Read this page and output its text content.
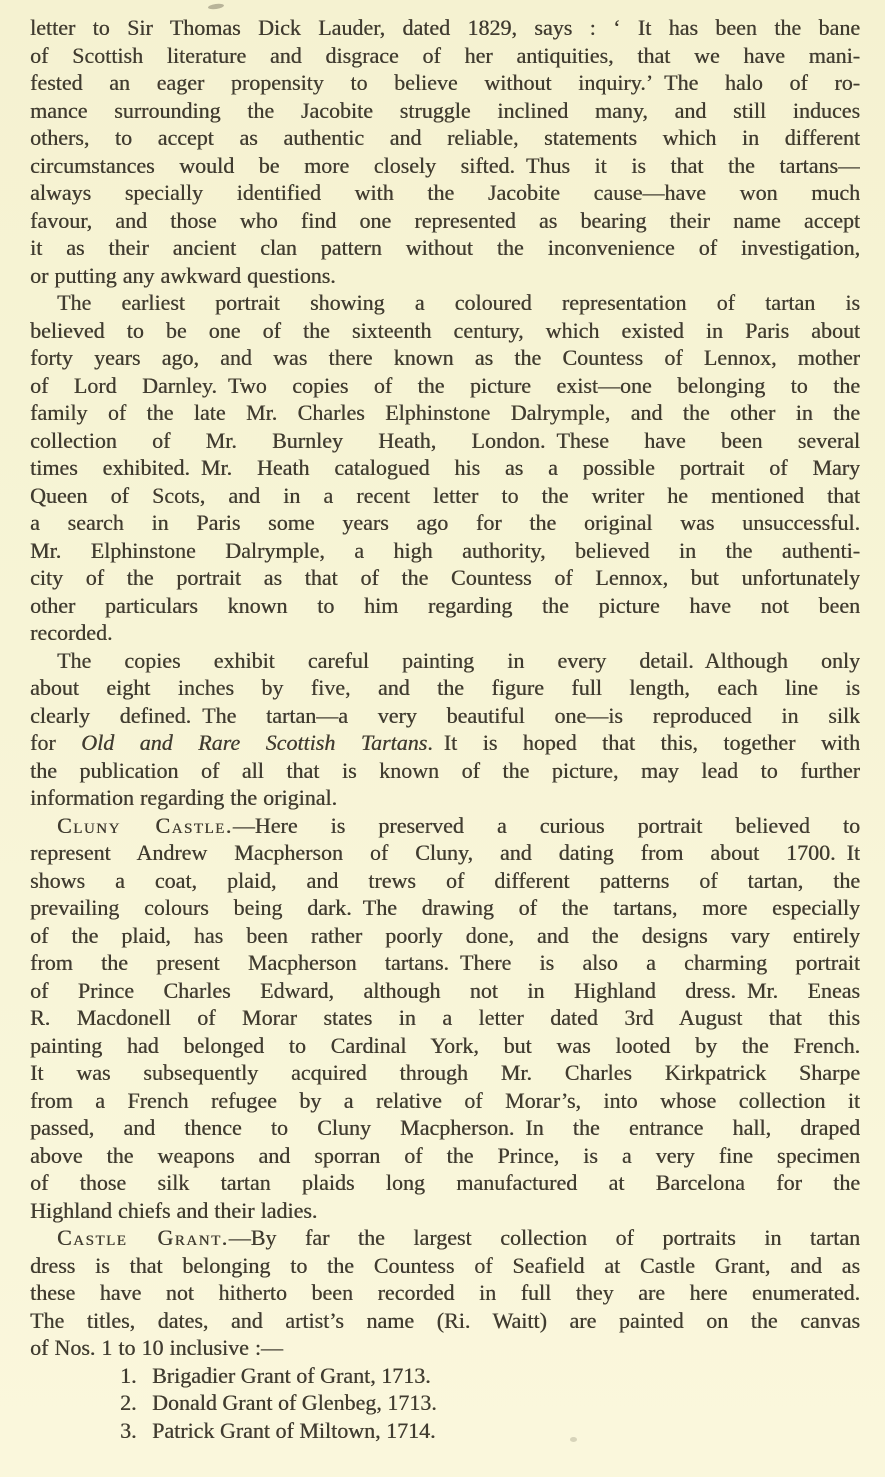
letter to Sir Thomas Dick Lauder, dated 1829, says : ‘ It has been the bane
of Scottish literature and disgrace of her antiquities, that we have mani-
fested an eager propensity to believe without inquiry.’ The halo of ro-
mance surrounding the Jacobite struggle inclined many, and still induces
others, to accept as authentic and reliable, statements which in different
circumstances would be more closely sifted. Thus it is that the tartans—
always specially identified with the Jacobite cause—have won much
favour, and those who find one represented as bearing their name accept
it as their ancient clan pattern without the inconvenience of investigation,
or putting any awkward questions.
The earliest portrait showing a coloured representation of tartan is
believed to be one of the sixteenth century, which existed in Paris about
forty years ago, and was there known as the Countess of Lennox, mother
of Lord Darnley. Two copies of the picture exist—one belonging to the
family of the late Mr. Charles Elphinstone Dalrymple, and the other in the
collection of Mr. Burnley Heath, London. These have been several
times exhibited. Mr. Heath catalogued his as a possible portrait of Mary
Queen of Scots, and in a recent letter to the writer he mentioned that
a search in Paris some years ago for the original was unsuccessful.
Mr. Elphinstone Dalrymple, a high authority, believed in the authenti-
city of the portrait as that of the Countess of Lennox, but unfortunately
other particulars known to him regarding the picture have not been
recorded.
The copies exhibit careful painting in every detail. Although only
about eight inches by five, and the figure full length, each line is
clearly defined. The tartan—a very beautiful one—is reproduced in silk
for Old and Rare Scottish Tartans. It is hoped that this, together with
the publication of all that is known of the picture, may lead to further
information regarding the original.
Cluny Castle.—Here is preserved a curious portrait believed to
represent Andrew Macpherson of Cluny, and dating from about 1700. It
shows a coat, plaid, and trews of different patterns of tartan, the
prevailing colours being dark. The drawing of the tartans, more especially
of the plaid, has been rather poorly done, and the designs vary entirely
from the present Macpherson tartans. There is also a charming portrait
of Prince Charles Edward, although not in Highland dress. Mr. Eneas
R. Macdonell of Morar states in a letter dated 3rd August that this
painting had belonged to Cardinal York, but was looted by the French.
It was subsequently acquired through Mr. Charles Kirkpatrick Sharpe
from a French refugee by a relative of Morar’s, into whose collection it
passed, and thence to Cluny Macpherson. In the entrance hall, draped
above the weapons and sporran of the Prince, is a very fine specimen
of those silk tartan plaids long manufactured at Barcelona for the
Highland chiefs and their ladies.
Castle Grant.—By far the largest collection of portraits in tartan
dress is that belonging to the Countess of Seafield at Castle Grant, and as
these have not hitherto been recorded in full they are here enumerated.
The titles, dates, and artist’s name (Ri. Waitt) are painted on the canvas
of Nos. 1 to 10 inclusive :—
1. Brigadier Grant of Grant, 1713.
2. Donald Grant of Glenbeg, 1713.
3. Patrick Grant of Miltown, 1714.
